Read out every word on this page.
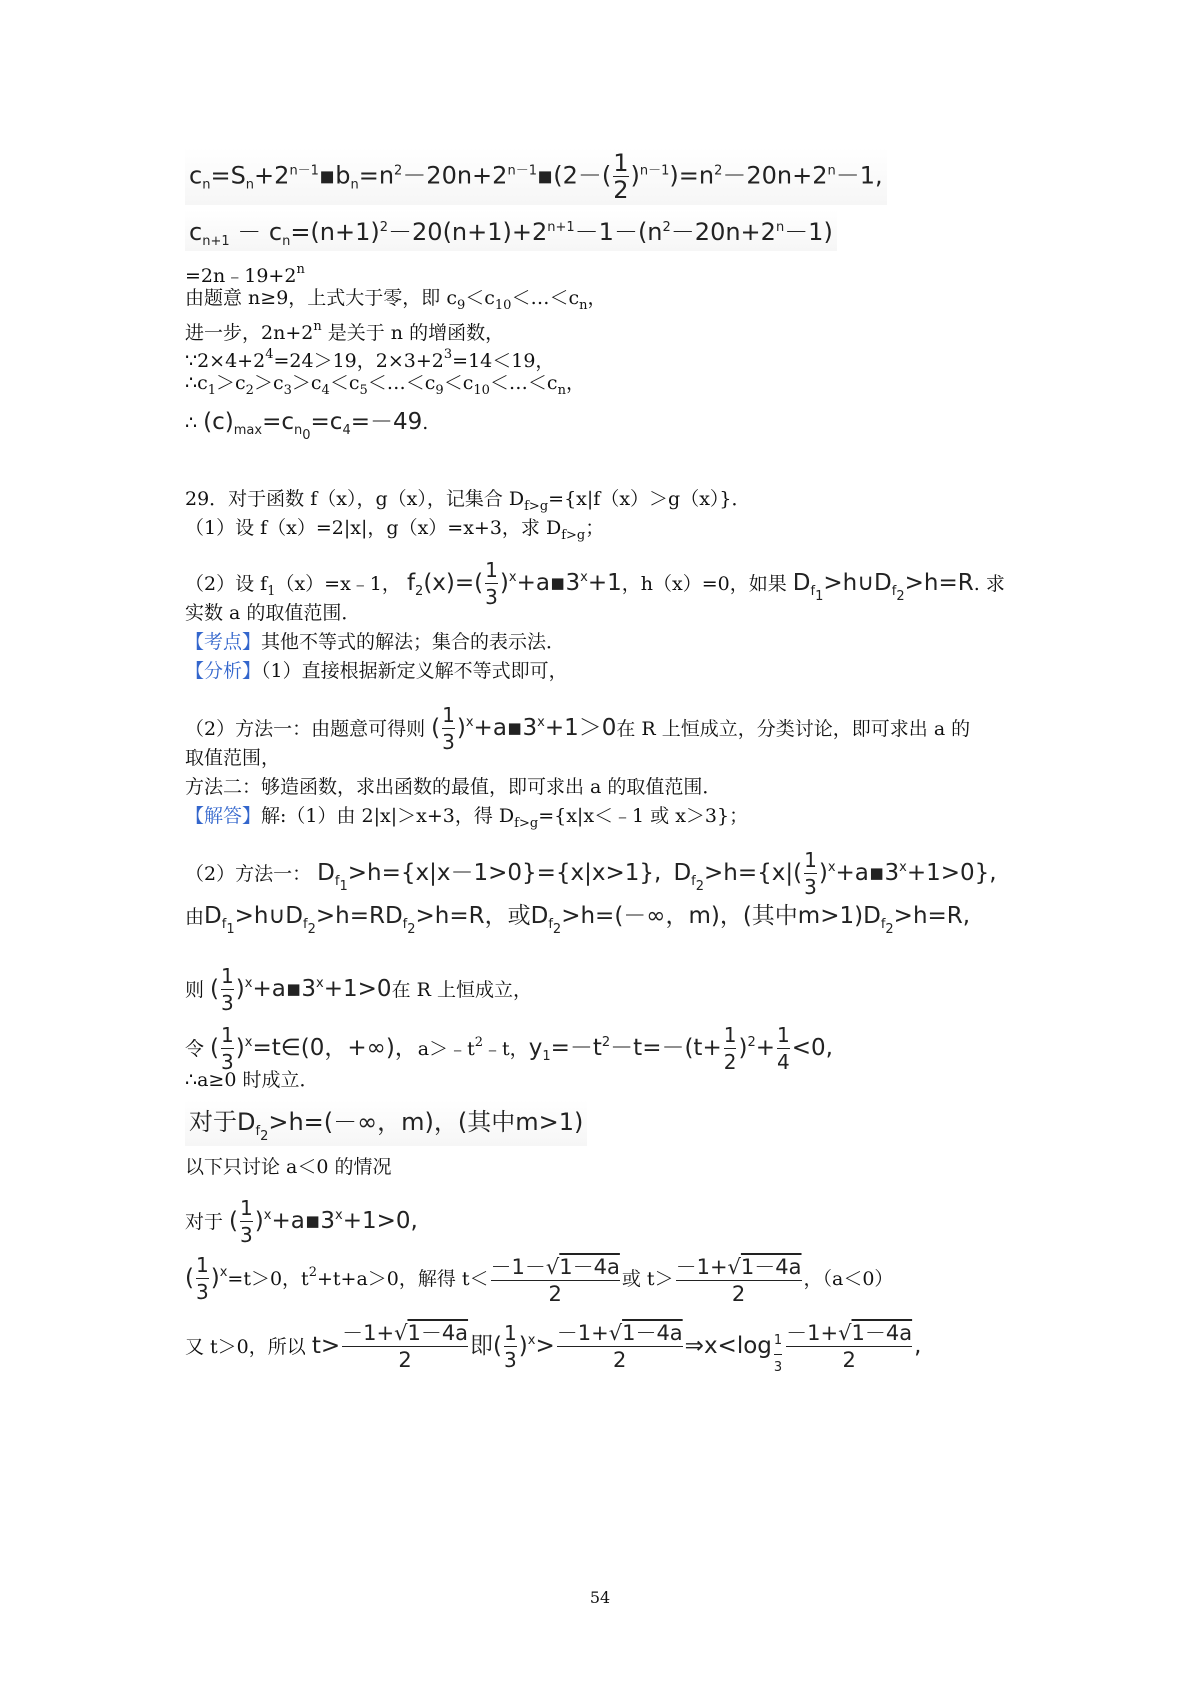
$c_n=S_n+2^{n-1}▪b_n=n^2-20n+2^{n-1}▪(2-( \frac{1}{2} )^{n-1})=n^2-20n+2^n-1$,
$c_{n+1} - c_n=(n+1)^2-20(n+1)+2^{n+1}-1-(n^2-20n+2^n-1)$
$=2n﹣19+2^n$
由题意 n≥9，上式大于零，即 $c_9<c_{10}<\dots<c_n$，
进一步，$2n+2^n$ 是关于 n 的增函数，
$\because 2\times 4+2^4=24>19$，$2\times 3+2^3=14<19$，
$\therefore c_1>c_2>c_3>c_4<c_5<\dots<c_9<c_{10}<\dots<c_n$，
∴ $(c)_{max}=c_{n_0}=c_4=-49$.
29．对于函数 f（x），g（x），记集合 $D_{f>g}=\{x|f(x)>g(x)\}$．
（1）设 f（x）=2|x|，g（x）=x+3，求 $D_{f>g}$；
（2）设 $f_1(x)=x﹣1$， $f_2(x)=( \frac{1}{3}$ )$^x+a▪3^x+1$，h（x）=0，如果 $D_{f_1}>h\cup D_{f_2}>h=R$. 求
实数 a 的取值范围．
【考点】其他不等式的解法；集合的表示法．
【分析】（1）直接根据新定义解不等式即可，
（2）方法一：由题意可得则 ( $\frac{1}{3}$ )$^x+a▪3^x+1>0$在 R 上恒成立，分类讨论，即可求出 a 的
取值范围，
方法二：够造函数，求出函数的最值，即可求出 a 的取值范围．
【解答】解:（1）由 2|x|＞x+3，得 $D_{f>g}=\{x|x<﹣1$ 或 x＞3}；
（2）方法一： $D_{f_1}>h=\{x|x-1>0\}=\{x|x>1\}$, $D_{f_2}>h=\{x|( \frac{1}{3}$ )$^x+a▪3^x+1>0$},
由$D_{f_1}>h\cup D_{f_2}>h=RD_{f_2}>h=R$，或$D_{f_2}>h=(-\infty$，m)，(其中$m>1)D_{f_2}>h=R$,
则 ( $\frac{1}{3}$ )$^x+a▪3^x+1>0$在 R 上恒成立，
令 ( $\frac{1}{3}$ )$^x$=t∈(0，+∞)，$a>﹣t^2﹣t$，$y_1=-t^2-t=-(t+ \frac{1}{2} )^2+ \frac{1}{4} <0$,
∴a≥0 时成立．
对于$D_{f_2}>h=(-\infty$，m)，(其中m>1)
以下只讨论 a＜0 的情况
对于 ( $\frac{1}{3}$ )$^x+a▪3^x+1>0$,
( $\frac{1}{3} )^x=t>0$，$t^2+t+a>0$，解得 $t< \frac{-1-√1-4a}{2}$ 或 $t> \frac{-1+√1-4a}{2}$ ，（a＜0）
又 t＞0，所以 $t> \frac{-1+√1-4a}{2}$ 即( $\frac{1}{3} )^x> \frac{-1+√1-4a}{2}$ ⇒x<log $_{\frac{1}{3}} \frac{-1+√1-4a}{2}$ ,
54
